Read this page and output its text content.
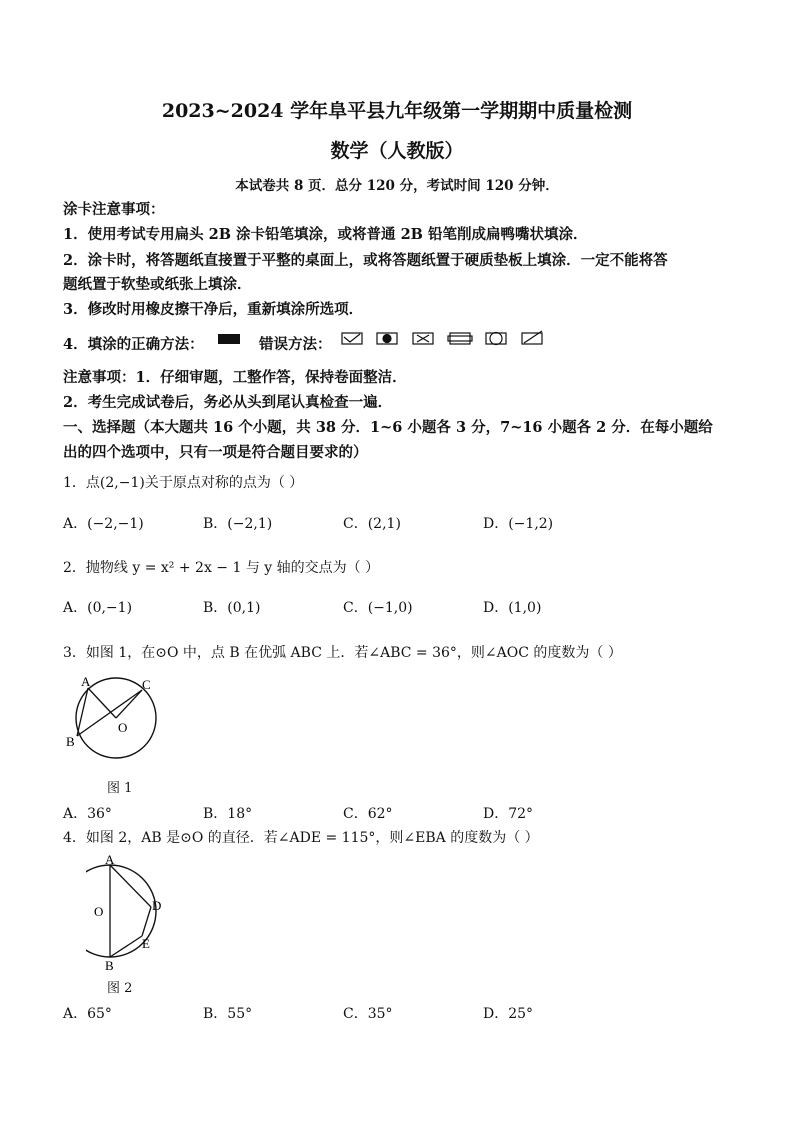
2023~2024 学年阜平县九年级第一学期期中质量检测
数学（人教版）
本试卷共 8 页．总分 120 分，考试时间 120 分钟．
涂卡注意事项：
1．使用考试专用扁头 2B 涂卡铅笔填涂，或将普通 2B 铅笔削成扁鸭嘴状填涂．
2．涂卡时，将答题纸直接置于平整的桌面上，或将答题纸置于硬质垫板上填涂．一定不能将答
题纸置于软垫或纸张上填涂．
3．修改时用橡皮擦干净后，重新填涂所选项．
4．填涂的正确方法：	错误方法：
注意事项：1．仔细审题，工整作答，保持卷面整洁．
2．考生完成试卷后，务必从头到尾认真检查一遍．
一、选择题（本大题共 16 个小题，共 38 分．1~6 小题各 3 分，7~16 小题各 2 分．在每小题给
出的四个选项中，只有一项是符合题目要求的）
1．点(2,−1)关于原点对称的点为（ ）
A．(−2,−1)	B．(−2,1)	C．(2,1)	D．(−1,2)
2．抛物线 y = x² + 2x − 1 与 y 轴的交点为（ ）
A．(0,−1)	B．(0,1)	C．(−1,0)	D．(1,0)
3．如图 1，在⊙O 中，点 B 在优弧 ABC 上．若∠ABC = 36°，则∠AOC 的度数为（ ）
A	C
B
O
图 1
A．36°	B．18°	C．62°	D．72°
4．如图 2，AB 是⊙O 的直径．若∠ADE = 115°，则∠EBA 的度数为（ ）
A
O	D
E
B
图 2
A．65°	B．55°	C．35°	D．25°
